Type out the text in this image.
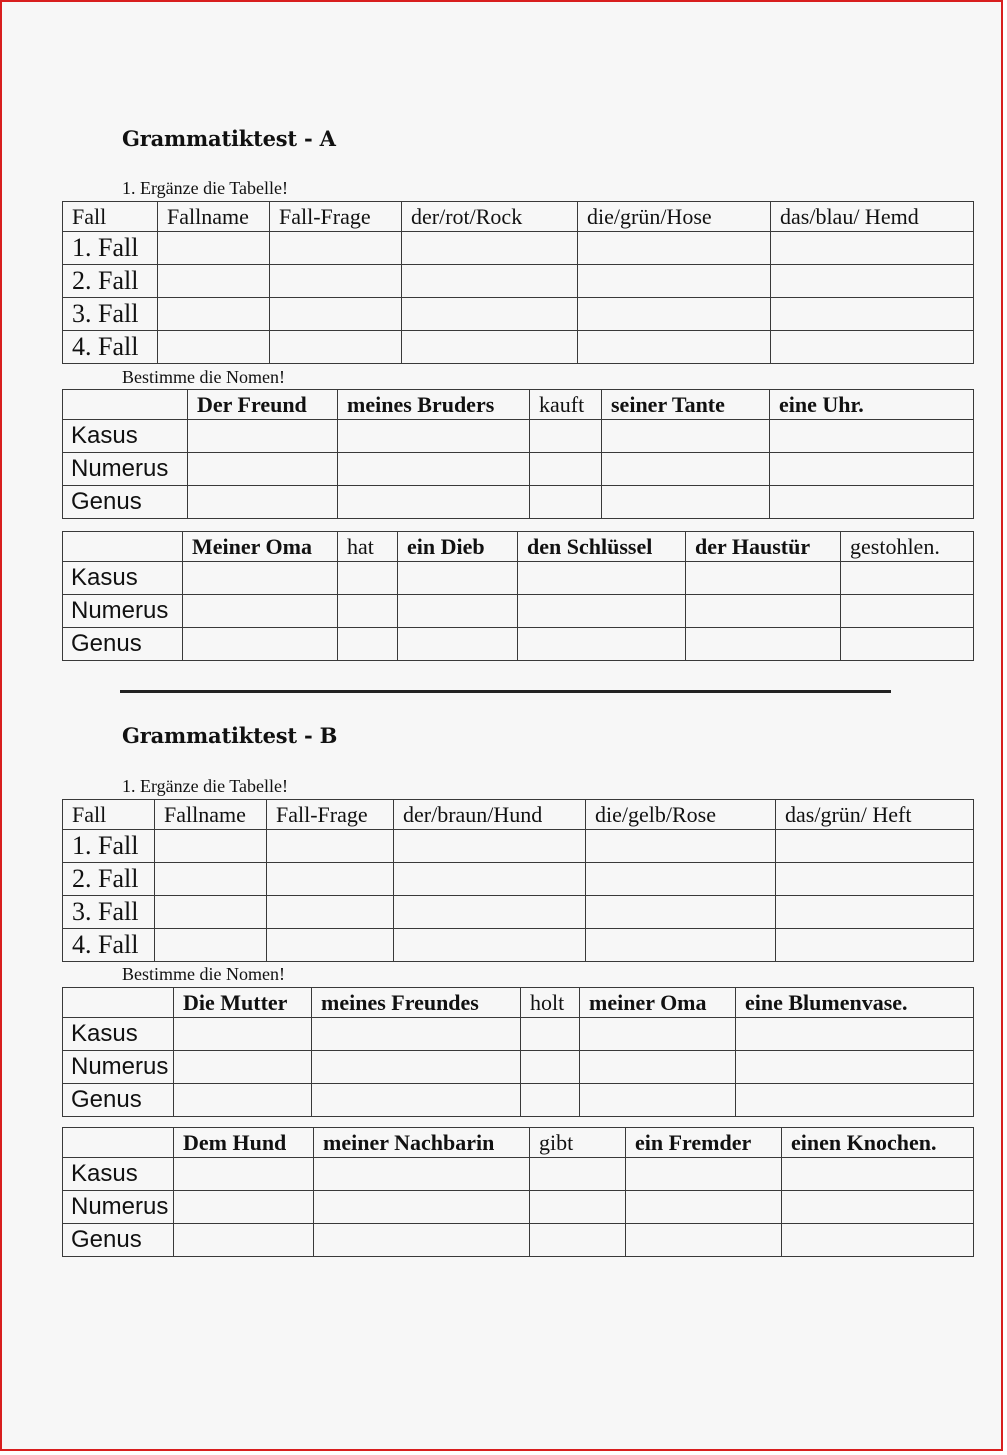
Grammatiktest - A
1. Ergänze die Tabelle!
Fall	Fallname	Fall-Frage	der/rot/Rock	die/grün/Hose	das/blau/ Hemd
1. Fall					
2. Fall					
3. Fall					
4. Fall					
Bestimme die Nomen!
	Der Freund	meines Bruders	kauft	seiner Tante	eine Uhr.
Kasus					
Numerus					
Genus					
	Meiner Oma	hat	ein Dieb	den Schlüssel	der Haustür	gestohlen.
Kasus						
Numerus						
Genus						
Grammatiktest - B
1. Ergänze die Tabelle!
Fall	Fallname	Fall-Frage	der/braun/Hund	die/gelb/Rose	das/grün/ Heft
1. Fall					
2. Fall					
3. Fall					
4. Fall					
Bestimme die Nomen!
	Die Mutter	meines Freundes	holt	meiner Oma	eine Blumenvase.
Kasus					
Numerus					
Genus					
	Dem Hund	meiner Nachbarin	gibt	ein Fremder	einen Knochen.
Kasus					
Numerus					
Genus					
